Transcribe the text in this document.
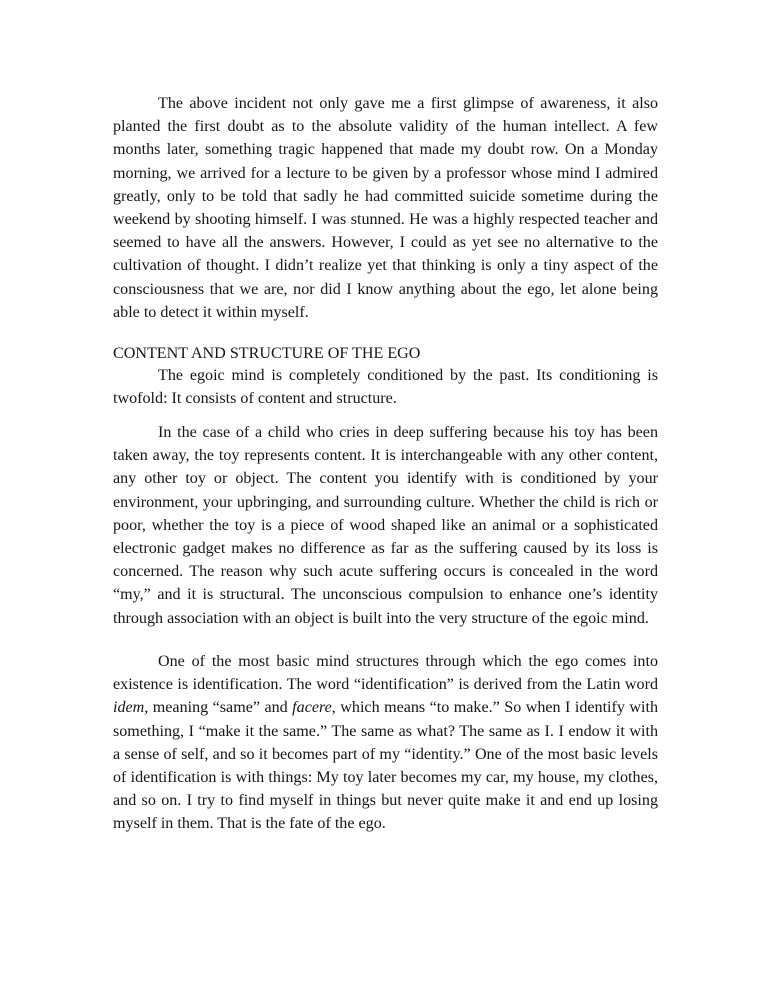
The above incident not only gave me a first glimpse of awareness, it also planted the first doubt as to the absolute validity of the human intellect. A few months later, something tragic happened that made my doubt row. On a Monday morning, we arrived for a lecture to be given by a professor whose mind I admired greatly, only to be told that sadly he had committed suicide sometime during the weekend by shooting himself. I was stunned. He was a highly respected teacher and seemed to have all the answers. However, I could as yet see no alternative to the cultivation of thought. I didn’t realize yet that thinking is only a tiny aspect of the consciousness that we are, nor did I know anything about the ego, let alone being able to detect it within myself.

CONTENT AND STRUCTURE OF THE EGO

The egoic mind is completely conditioned by the past. Its conditioning is twofold: It consists of content and structure.

In the case of a child who cries in deep suffering because his toy has been taken away, the toy represents content. It is interchangeable with any other content, any other toy or object. The content you identify with is conditioned by your environment, your upbringing, and surrounding culture. Whether the child is rich or poor, whether the toy is a piece of wood shaped like an animal or a sophisticated electronic gadget makes no difference as far as the suffering caused by its loss is concerned. The reason why such acute suffering occurs is concealed in the word “my,” and it is structural. The unconscious compulsion to enhance one’s identity through association with an object is built into the very structure of the egoic mind.

One of the most basic mind structures through which the ego comes into existence is identification. The word “identification” is derived from the Latin word idem, meaning “same” and facere, which means “to make.” So when I identify with something, I “make it the same.” The same as what? The same as I. I endow it with a sense of self, and so it becomes part of my “identity.” One of the most basic levels of identification is with things: My toy later becomes my car, my house, my clothes, and so on. I try to find myself in things but never quite make it and end up losing myself in them. That is the fate of the ego.
